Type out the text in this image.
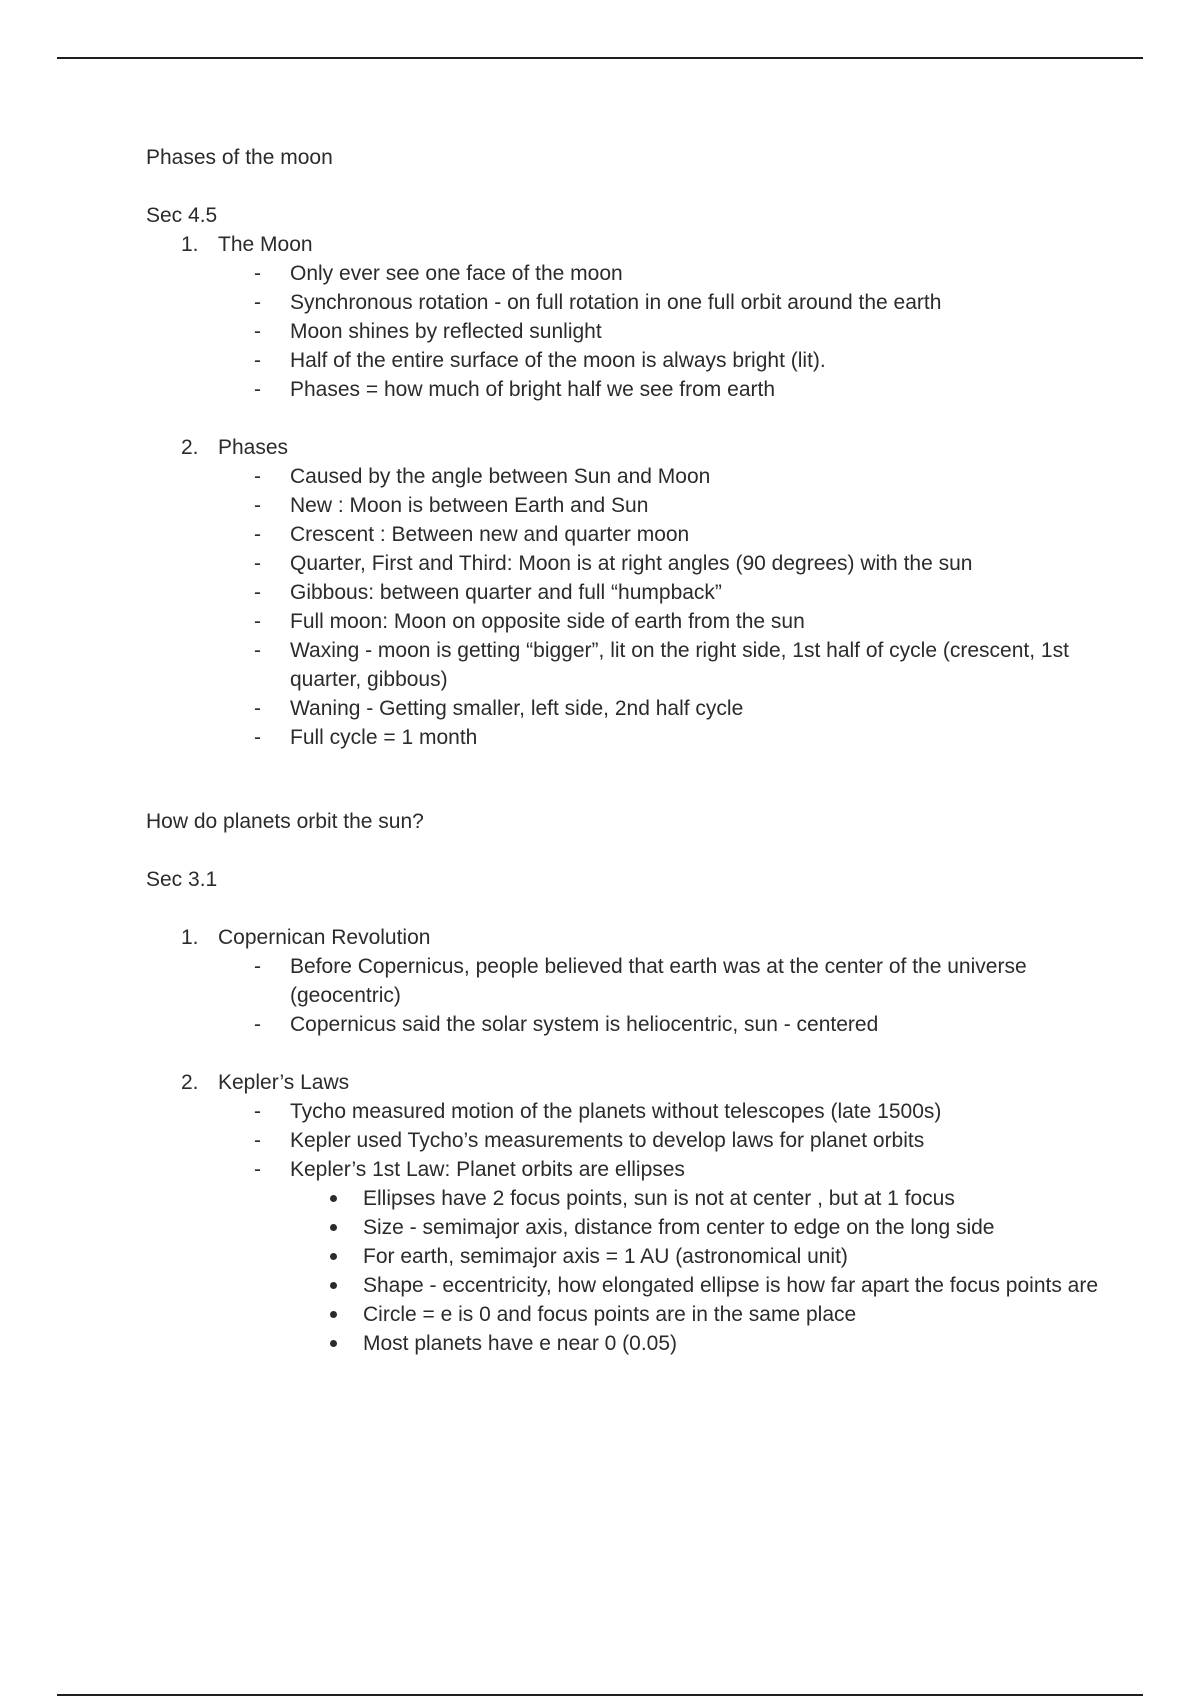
Phases of the moon

Sec 4.5

1. The Moon

- Only ever see one face of the moon
- Synchronous rotation - on full rotation in one full orbit around the earth
- Moon shines by reflected sunlight
- Half of the entire surface of the moon is always bright (lit).
- Phases = how much of bright half we see from earth

2. Phases

- Caused by the angle between Sun and Moon
- New : Moon is between Earth and Sun
- Crescent : Between new and quarter moon
- Quarter, First and Third: Moon is at right angles (90 degrees) with the sun
- Gibbous: between quarter and full “humpback”
- Full moon: Moon on opposite side of earth from the sun
- Waxing - moon is getting “bigger”, lit on the right side, 1st half of cycle (crescent, 1st quarter, gibbous)
- Waning - Getting smaller, left side, 2nd half cycle
- Full cycle = 1 month

How do planets orbit the sun?

Sec 3.1

1. Copernican Revolution

- Before Copernicus, people believed that earth was at the center of the universe (geocentric)
- Copernicus said the solar system is heliocentric, sun - centered

2. Kepler’s Laws

- Tycho measured motion of the planets without telescopes (late 1500s)
- Kepler used Tycho’s measurements to develop laws for planet orbits
- Kepler’s 1st Law: Planet orbits are ellipses
Ellipses have 2 focus points, sun is not at center , but at 1 focus
Size - semimajor axis, distance from center to edge on the long side
For earth, semimajor axis = 1 AU (astronomical unit)
Shape - eccentricity, how elongated ellipse is how far apart the focus points are
Circle = e is 0 and focus points are in the same place
Most planets have e near 0 (0.05)
